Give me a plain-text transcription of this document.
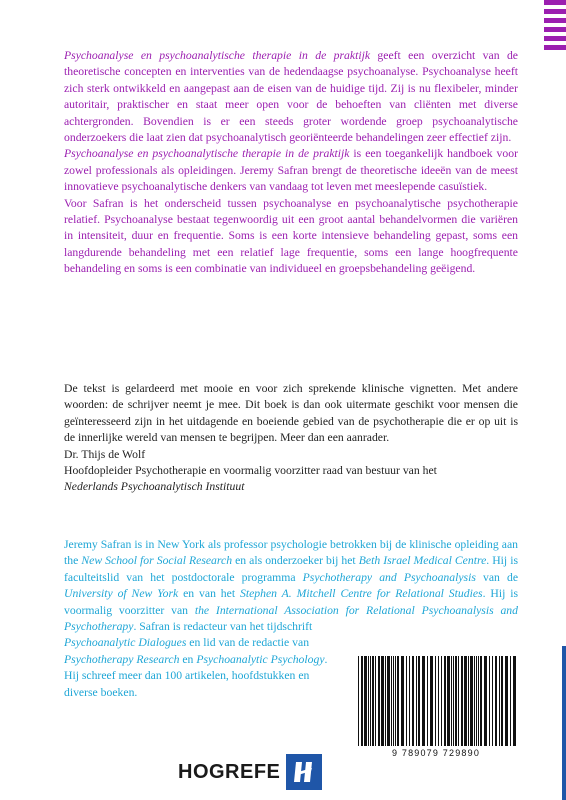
Psychoanalyse en psychoanalytische therapie in de praktijk geeft een overzicht van de theoretische concepten en interventies van de hedendaagse psychoanalyse. Psychoanalyse heeft zich sterk ontwikkeld en aangepast aan de eisen van de huidige tijd. Zij is nu flexibeler, minder autoritair, praktischer en staat meer open voor de behoeften van cliënten met diverse achtergronden. Bovendien is er een steeds groter wordende groep psychoanalytische onderzoekers die laat zien dat psychoanalytisch georiënteerde behandelingen zeer effectief zijn.

Psychoanalyse en psychoanalytische therapie in de praktijk is een toegankelijk handboek voor zowel professionals als opleidingen. Jeremy Safran brengt de theoretische ideeën van de meest innovatieve psychoanalytische denkers van vandaag tot leven met meeslepende casuïstiek.

Voor Safran is het onderscheid tussen psychoanalyse en psychoanalytische psychotherapie relatief. Psychoanalyse bestaat tegenwoordig uit een groot aantal behandelvormen die variëren in intensiteit, duur en frequentie. Soms is een korte intensieve behandeling gepast, soms een langdurende behandeling met een relatief lage frequentie, soms een lange hoogfrequente behandeling en soms is een combinatie van individueel en groepsbehandeling geëigend.

De tekst is gelardeerd met mooie en voor zich sprekende klinische vignetten. Met andere woorden: de schrijver neemt je mee. Dit boek is dan ook uitermate geschikt voor mensen die geïnteresseerd zijn in het uitdagende en boeiende gebied van de psychotherapie die er op uit is de innerlijke wereld van mensen te begrijpen. Meer dan een aanrader.

Dr. Thijs de Wolf

Hoofdopleider Psychotherapie en voormalig voorzitter raad van bestuur van het

Nederlands Psychoanalytisch Instituut

Jeremy Safran is in New York als professor psychologie betrokken bij de klinische opleiding aan the New School for Social Research en als onderzoeker bij het Beth Israel Medical Centre. Hij is faculteitslid van het postdoctorale programma Psychotherapy and Psychoanalysis van de University of New York en van het Stephen A. Mitchell Centre for Relational Studies. Hij is voormalig voorzitter van the International Association for Relational Psychoanalysis and Psychotherapy. Safran is redacteur van het tijdschrift

Psychoanalytic Dialogues en lid van de redactie van Psychotherapy Research en Psychoanalytic Psychology. Hij schreef meer dan 100 artikelen, hoofdstukken en diverse boeken.

9 789079 729890
HOGREFE
